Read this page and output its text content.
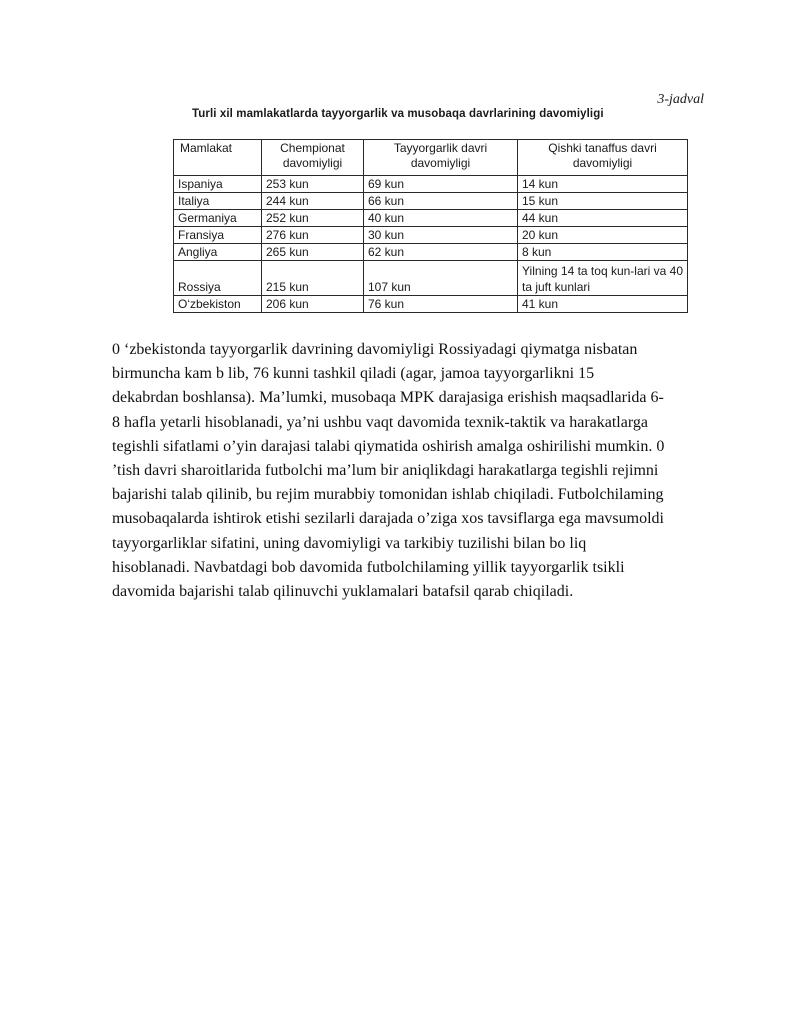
3-jadval
Turli xil mamlakatlarda tayyorgarlik va musobaqa davrlarining davomiyligi
Mamlakat	Chempionat davomiyligi	Tayyorgarlik davri davomiyligi	Qishki tanaffus davri davomiyligi
Ispaniya	253 kun	69 kun	14 kun
Italiya	244 kun	66 kun	15 kun
Germaniya	252 kun	40 kun	44 kun
Fransiya	276 kun	30 kun	20 kun
Angliya	265 kun	62 kun	8 kun
Rossiya	215 kun	107 kun	Yilning 14 ta toq kun-lari va 40 ta juft kunlari
O‘zbekiston	206 kun	76 kun	41 kun

0 ‘zbekistonda tayyorgarlik davrining davomiyligi Rossiyadagi qiymatga nisbatan
birmuncha kam b lib, 76 kunni tashkil qiladi (agar, jamoa tayyorgarlikni 15
dekabrdan boshlansa). Ma’lumki, musobaqa MPK darajasiga erishish maqsadlarida 6-
8 hafla yetarli hisoblanadi, ya’ni ushbu vaqt davomida texnik-taktik va harakatlarga
tegishli sifatlami o’yin darajasi talabi qiymatida oshirish amalga oshirilishi mumkin. 0
’tish davri sharoitlarida futbolchi ma’lum bir aniqlikdagi harakatlarga tegishli rejimni
bajarishi talab qilinib, bu rejim murabbiy tomonidan ishlab chiqiladi. Futbolchilaming
musobaqalarda ishtirok etishi sezilarli darajada o’ziga xos tavsiflarga ega mavsumoldi
tayyorgarliklar sifatini, uning davomiyligi va tarkibiy tuzilishi bilan bo liq
hisoblanadi. Navbatdagi bob davomida futbolchilaming yillik tayyorgarlik tsikli
davomida bajarishi talab qilinuvchi yuklamalari batafsil qarab chiqiladi.
